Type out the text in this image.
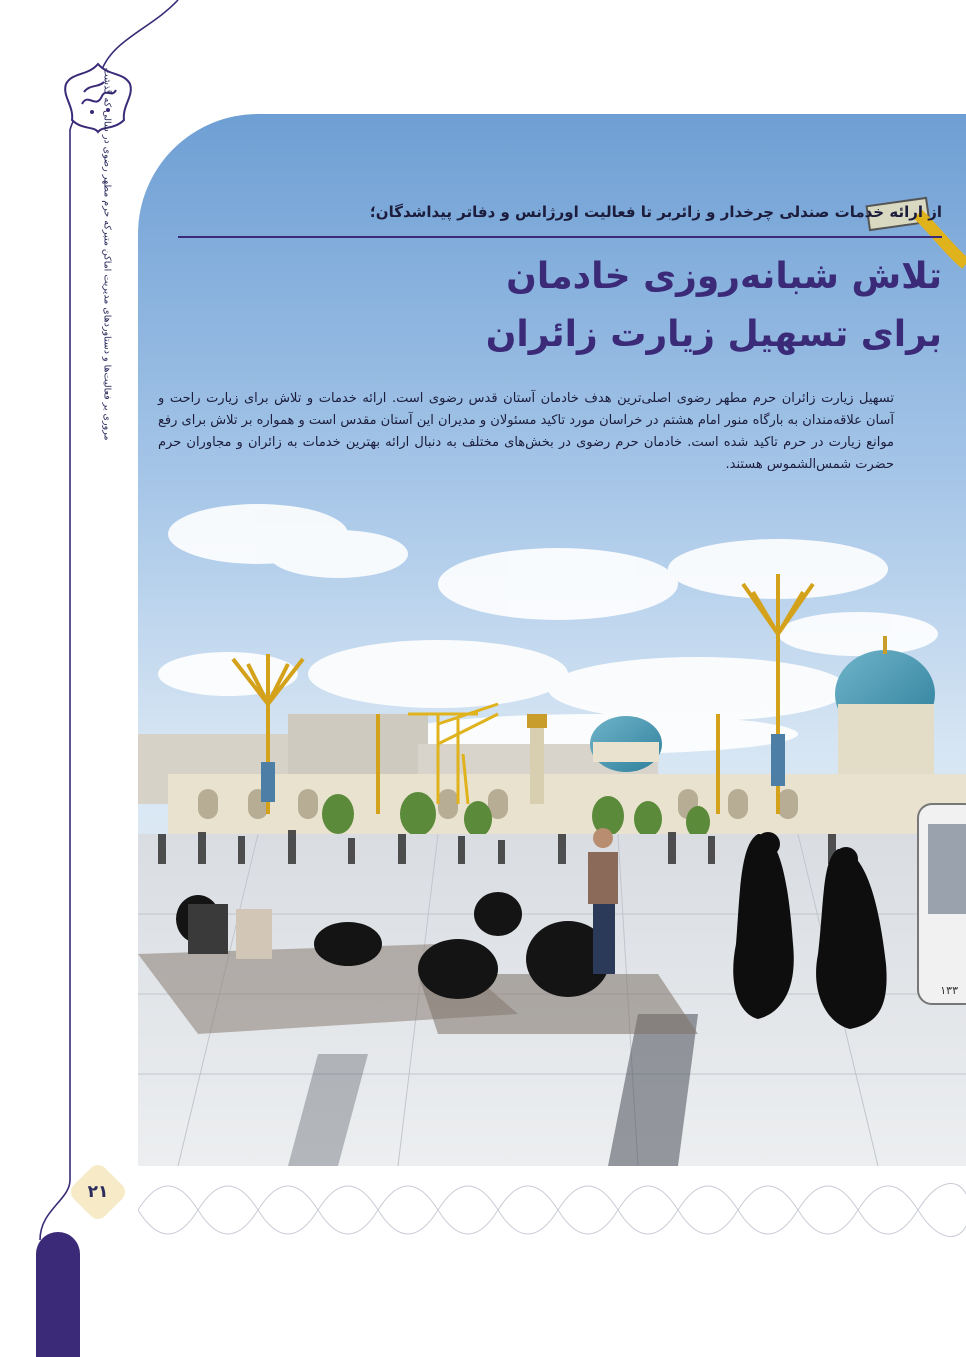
مروری بر فعالیت‌ها و دستاوردهای مدیریت اماکن متبرکه حرم مطهر رضوی در سالی که گذشت
۱۳۳
از ارائه خدمات صندلی چرخدار و زائربر تا فعالیت اورژانس و دفاتر پیداشدگان؛
تلاش شبانه‌روزی خادمان
برای تسهیل زیارت زائران
تسهیل زیارت زائران حرم مطهر رضوی اصلی‌ترین هدف خادمان آستان قدس رضوی است. ارائه خدمات و تلاش برای زیارت راحت و آسان علاقه‌مندان به بارگاه منور امام هشتم در خراسان مورد تاکید مسئولان و مدیران این آستان مقدس است و همواره بر تلاش برای رفع موانع زیارت در حرم تاکید شده است. خادمان حرم رضوی در بخش‌های مختلف به دنبال ارائه بهترین خدمات به زائران و مجاوران حرم حضرت شمس‌الشموس هستند.
۲۱
